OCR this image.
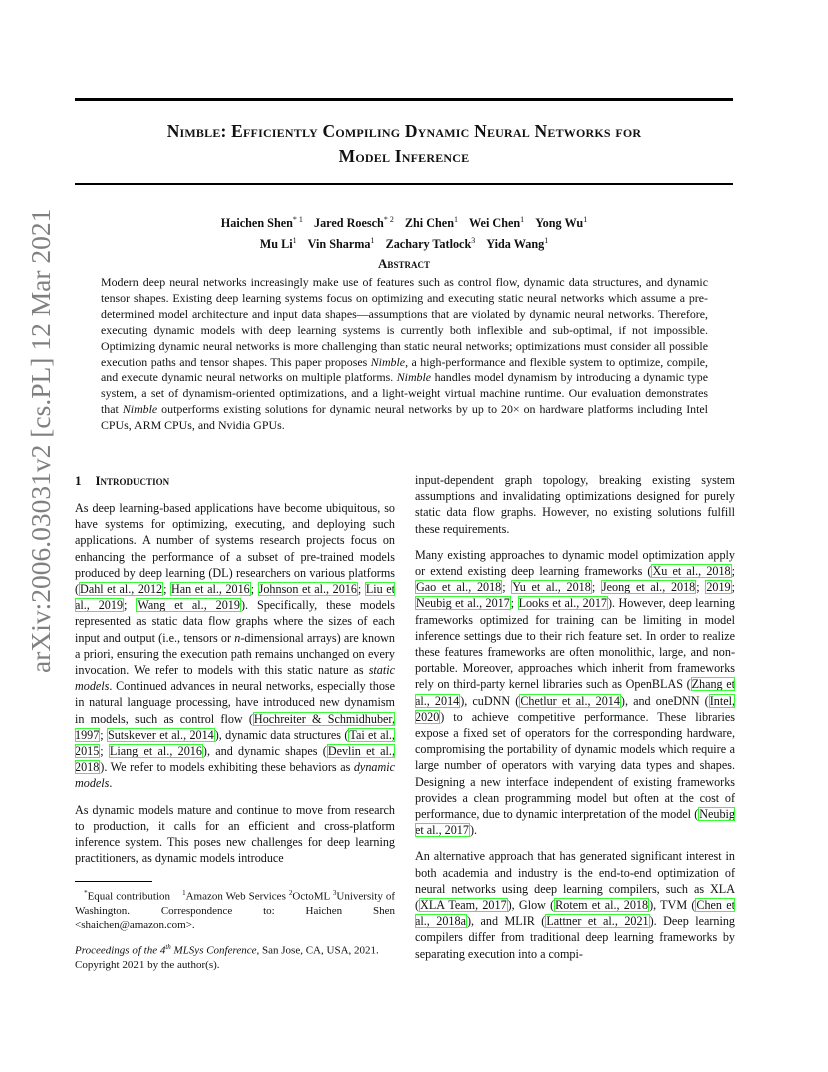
arXiv:2006.03031v2 [cs.PL] 12 Mar 2021
Nimble: Efficiently Compiling Dynamic Neural Networks for
Model Inference
Haichen Shen$^{* 1}$ Jared Roesch$^{* 2}$ Zhi Chen$^1$ Wei Chen$^1$ Yong Wu$^1$
Mu Li$^1$ Vin Sharma$^1$ Zachary Tatlock$^3$ Yida Wang$^1$
Abstract
Modern deep neural networks increasingly make use of features such as control flow, dynamic data structures, and dynamic tensor shapes. Existing deep learning systems focus on optimizing and executing static neural networks which assume a pre-determined model architecture and input data shapes—assumptions that are violated by dynamic neural networks. Therefore, executing dynamic models with deep learning systems is currently both inflexible and sub-optimal, if not impossible. Optimizing dynamic neural networks is more challenging than static neural networks; optimizations must consider all possible execution paths and tensor shapes. This paper proposes Nimble, a high-performance and flexible system to optimize, compile, and execute dynamic neural networks on multiple platforms. Nimble handles model dynamism by introducing a dynamic type system, a set of dynamism-oriented optimizations, and a light-weight virtual machine runtime. Our evaluation demonstrates that Nimble outperforms existing solutions for dynamic neural networks by up to 20× on hardware platforms including Intel CPUs, ARM CPUs, and Nvidia GPUs.
1 Introduction

As deep learning-based applications have become ubiquitous, so have systems for optimizing, executing, and deploying such applications. A number of systems research projects focus on enhancing the performance of a subset of pre-trained models produced by deep learning (DL) researchers on various platforms (Dahl et al., 2012; Han et al., 2016; Johnson et al., 2016; Liu et al., 2019; Wang et al., 2019). Specifically, these models represented as static data flow graphs where the sizes of each input and output (i.e., tensors or n-dimensional arrays) are known a priori, ensuring the execution path remains unchanged on every invocation. We refer to models with this static nature as static models. Continued advances in neural networks, especially those in natural language processing, have introduced new dynamism in models, such as control flow (Hochreiter & Schmidhuber, 1997; Sutskever et al., 2014), dynamic data structures (Tai et al., 2015; Liang et al., 2016), and dynamic shapes (Devlin et al., 2018). We refer to models exhibiting these behaviors as dynamic models.

As dynamic models mature and continue to move from research to production, it calls for an efficient and cross-platform inference system. This poses new challenges for deep learning practitioners, as dynamic models introduce

*Equal contribution $^1$Amazon Web Services $^2$OctoML $^3$University of Washington. Correspondence to: Haichen Shen <shaichen@amazon.com>.
Proceedings of the 4th MLSys Conference, San Jose, CA, USA, 2021. Copyright 2021 by the author(s).

input-dependent graph topology, breaking existing system assumptions and invalidating optimizations designed for purely static data flow graphs. However, no existing solutions fulfill these requirements.

Many existing approaches to dynamic model optimization apply or extend existing deep learning frameworks (Xu et al., 2018; Gao et al., 2018; Yu et al., 2018; Jeong et al., 2018; 2019; Neubig et al., 2017; Looks et al., 2017). However, deep learning frameworks optimized for training can be limiting in model inference settings due to their rich feature set. In order to realize these features frameworks are often monolithic, large, and non-portable. Moreover, approaches which inherit from frameworks rely on third-party kernel libraries such as OpenBLAS (Zhang et al., 2014), cuDNN (Chetlur et al., 2014), and oneDNN (Intel, 2020) to achieve competitive performance. These libraries expose a fixed set of operators for the corresponding hardware, compromising the portability of dynamic models which require a large number of operators with varying data types and shapes. Designing a new interface independent of existing frameworks provides a clean programming model but often at the cost of performance, due to dynamic interpretation of the model (Neubig et al., 2017).

An alternative approach that has generated significant interest in both academia and industry is the end-to-end optimization of neural networks using deep learning compilers, such as XLA (XLA Team, 2017), Glow (Rotem et al., 2018), TVM (Chen et al., 2018a), and MLIR (Lattner et al., 2021). Deep learning compilers differ from traditional deep learning frameworks by separating execution into a compi-
